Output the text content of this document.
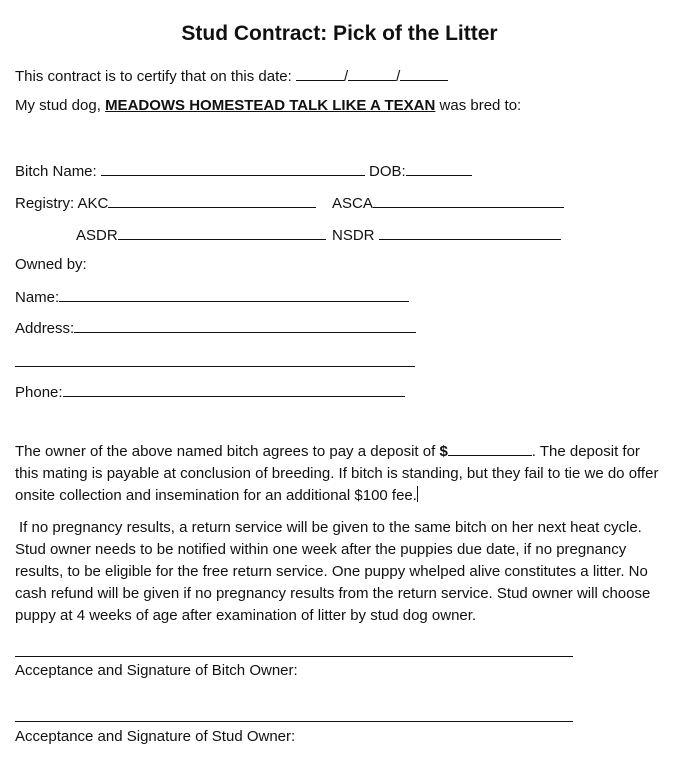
Stud Contract: Pick of the Litter
This contract is to certify that on this date:	/	/
My stud dog, MEADOWS HOMESTEAD TALK LIKE A TEXAN was bred to:
Bitch Name:	DOB:
Registry: AKC	ASCA
ASDR	NSDR
Owned by:
Name:
Address:
Phone:
The owner of the above named bitch agrees to pay a deposit of $	. The deposit for this mating is payable at conclusion of breeding. If bitch is standing, but they fail to tie we do offer onsite collection and insemination for an additional $100 fee.
If no pregnancy results, a return service will be given to the same bitch on her next heat cycle. Stud owner needs to be notified within one week after the puppies due date, if no pregnancy results, to be eligible for the free return service. One puppy whelped alive constitutes a litter. No cash refund will be given if no pregnancy results from the return service. Stud owner will choose puppy at 4 weeks of age after examination of litter by stud dog owner.
Acceptance and Signature of Bitch Owner:
Acceptance and Signature of Stud Owner:
